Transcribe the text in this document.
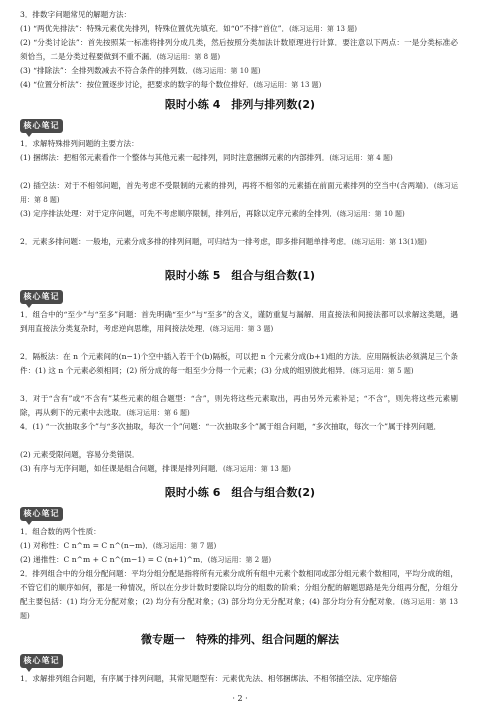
3．排数字问题常见的解题方法：

(1) “两优先排法”：特殊元素优先排列，特殊位置优先填充．如“0”不排“首位”．(练习运用：第 13 题)

(2) “分类讨论法”：首先按照某一标准将排列分成几类，然后按照分类加法计数原理进行计算．要注意以下两点：一是分类标准必须恰当，二是分类过程要做到不重不漏．(练习运用：第 8 题)

(3) “排除法”：全排列数减去不符合条件的排列数．(练习运用：第 10 题)

(4) “位置分析法”：按位置逐步讨论，把要求的数字的每个数位排好．(练习运用：第 13 题)

限时小练 4　排列与排列数(2)
核心笔记

1．求解特殊排列问题的主要方法：

(1) 捆绑法：把相邻元素看作一个整体与其他元素一起排列，同时注意捆绑元素的内部排列．(练习运用：第 4 题)

(2) 插空法：对于不相邻问题，首先考虑不受限制的元素的排列，再将不相邻的元素插在前面元素排列的空当中(含两端)．(练习运用：第 8 题)

(3) 定序排法处理：对于定序问题，可先不考虑顺序限制，排列后，再除以定序元素的全排列．(练习运用：第 10 题)

2．元素多排问题：一般地，元素分成多排的排列问题，可归结为一排考虑，即多排问题单排考虑．(练习运用：第 13(1)题)

限时小练 5　组合与组合数(1)
核心笔记

1．组合中的“至少”与“至多”问题：首先明确“至少”与“至多”的含义，谨防重复与漏解．用直接法和间接法都可以求解这类题，遇到用直接法分类复杂时，考虑逆向思维，用间接法处理．(练习运用：第 3 题)

2．隔板法：在 n 个元素间的(n−1)个空中插入若干个(b)隔板，可以把 n 个元素分成(b+1)组的方法．应用隔板法必须满足三个条件：(1) 这 n 个元素必须相同；(2) 所分成的每一组至少分得一个元素；(3) 分成的组别彼此相异．(练习运用：第 5 题)

3．对于“含有”或“不含有”某些元素的组合题型：“含”，则先将这些元素取出，再由另外元素补足；“不含”，则先将这些元素剔除，再从剩下的元素中去选取．(练习运用：第 6 题)

4．(1) “一次抽取多个”与“多次抽取，每次一个”问题：“一次抽取多个”属于组合问题，“多次抽取，每次一个”属于排列问题．

(2) 元素受限问题，容易分类错误．

(3) 有序与无序问题，如任课是组合问题，排课是排列问题．(练习运用：第 13 题)

限时小练 6　组合与组合数(2)
核心笔记

1．组合数的两个性质：

(1) 对称性：C n^m = C n^(n−m)．(练习运用：第 7 题)

(2) 递推性：C n^m + C n^(m−1) = C (n+1)^m．(练习运用：第 2 题)

2．排列组合中的分组分配问题：平均分组分配是指将所有元素分成所有组中元素个数相同或部分组元素个数相同，平均分成的组，不管它们的顺序如何，都是一种情况，所以在分步计数时要除以均分的组数的阶乘；分组分配的解题思路是先分组再分配，分组分配主要包括：(1) 均分无分配对象；(2) 均分有分配对象；(3) 部分均分无分配对象；(4) 部分均分有分配对象．(练习运用：第 13 题)

微专题一　特殊的排列、组合问题的解法
核心笔记

1．求解排列组合问题，有序属于排列问题，其常见题型有：元素优先法、相邻捆绑法、不相邻插空法、定序缩倍

· 2 ·
